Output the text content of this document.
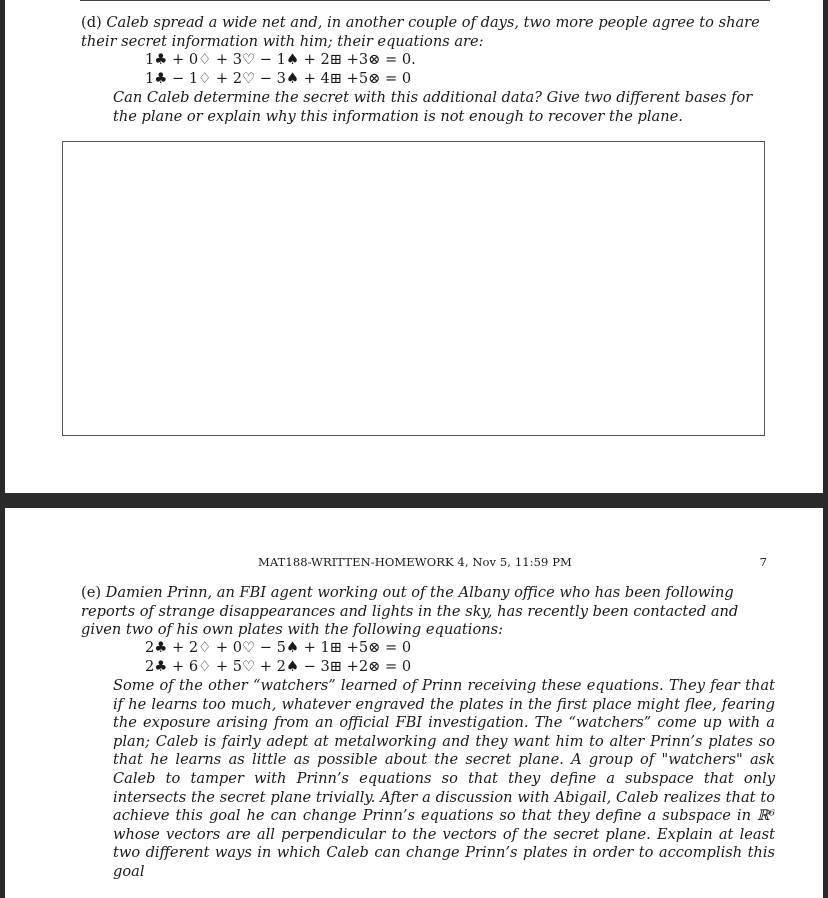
(d) Caleb spread a wide net and, in another couple of days, two more people agree to share their secret information with him; their equations are:
1♣ + 0♢ + 3♡ − 1♠ + 2⊞ +3⊗ = 0.
1♣ − 1♢ + 2♡ − 3♠ + 4⊞ +5⊗ = 0
Can Caleb determine the secret with this additional data? Give two different bases for the plane or explain why this information is not enough to recover the plane.
MAT188-WRITTEN-HOMEWORK 4, Nov 5, 11:59 PM	7
(e) Damien Prinn, an FBI agent working out of the Albany office who has been following reports of strange disappearances and lights in the sky, has recently been contacted and given two of his own plates with the following equations:
2♣ + 2♢ + 0♡ − 5♠ + 1⊞ +5⊗ = 0
2♣ + 6♢ + 5♡ + 2♠ − 3⊞ +2⊗ = 0
Some of the other “watchers” learned of Prinn receiving these equations. They fear that if he learns too much, whatever engraved the plates in the first place might flee, fearing the exposure arising from an official FBI investigation. The “watchers” come up with a plan; Caleb is fairly adept at metalworking and they want him to alter Prinn’s plates so that he learns as little as possible about the secret plane. A group of "watchers" ask Caleb to tamper with Prinn’s equations so that they define a subspace that only intersects the secret plane trivially. After a discussion with Abigail, Caleb realizes that to achieve this goal he can change Prinn’s equations so that they define a subspace in ℝ⁶ whose vectors are all perpendicular to the vectors of the secret plane. Explain at least two different ways in which Caleb can change Prinn’s plates in order to accomplish this goal
